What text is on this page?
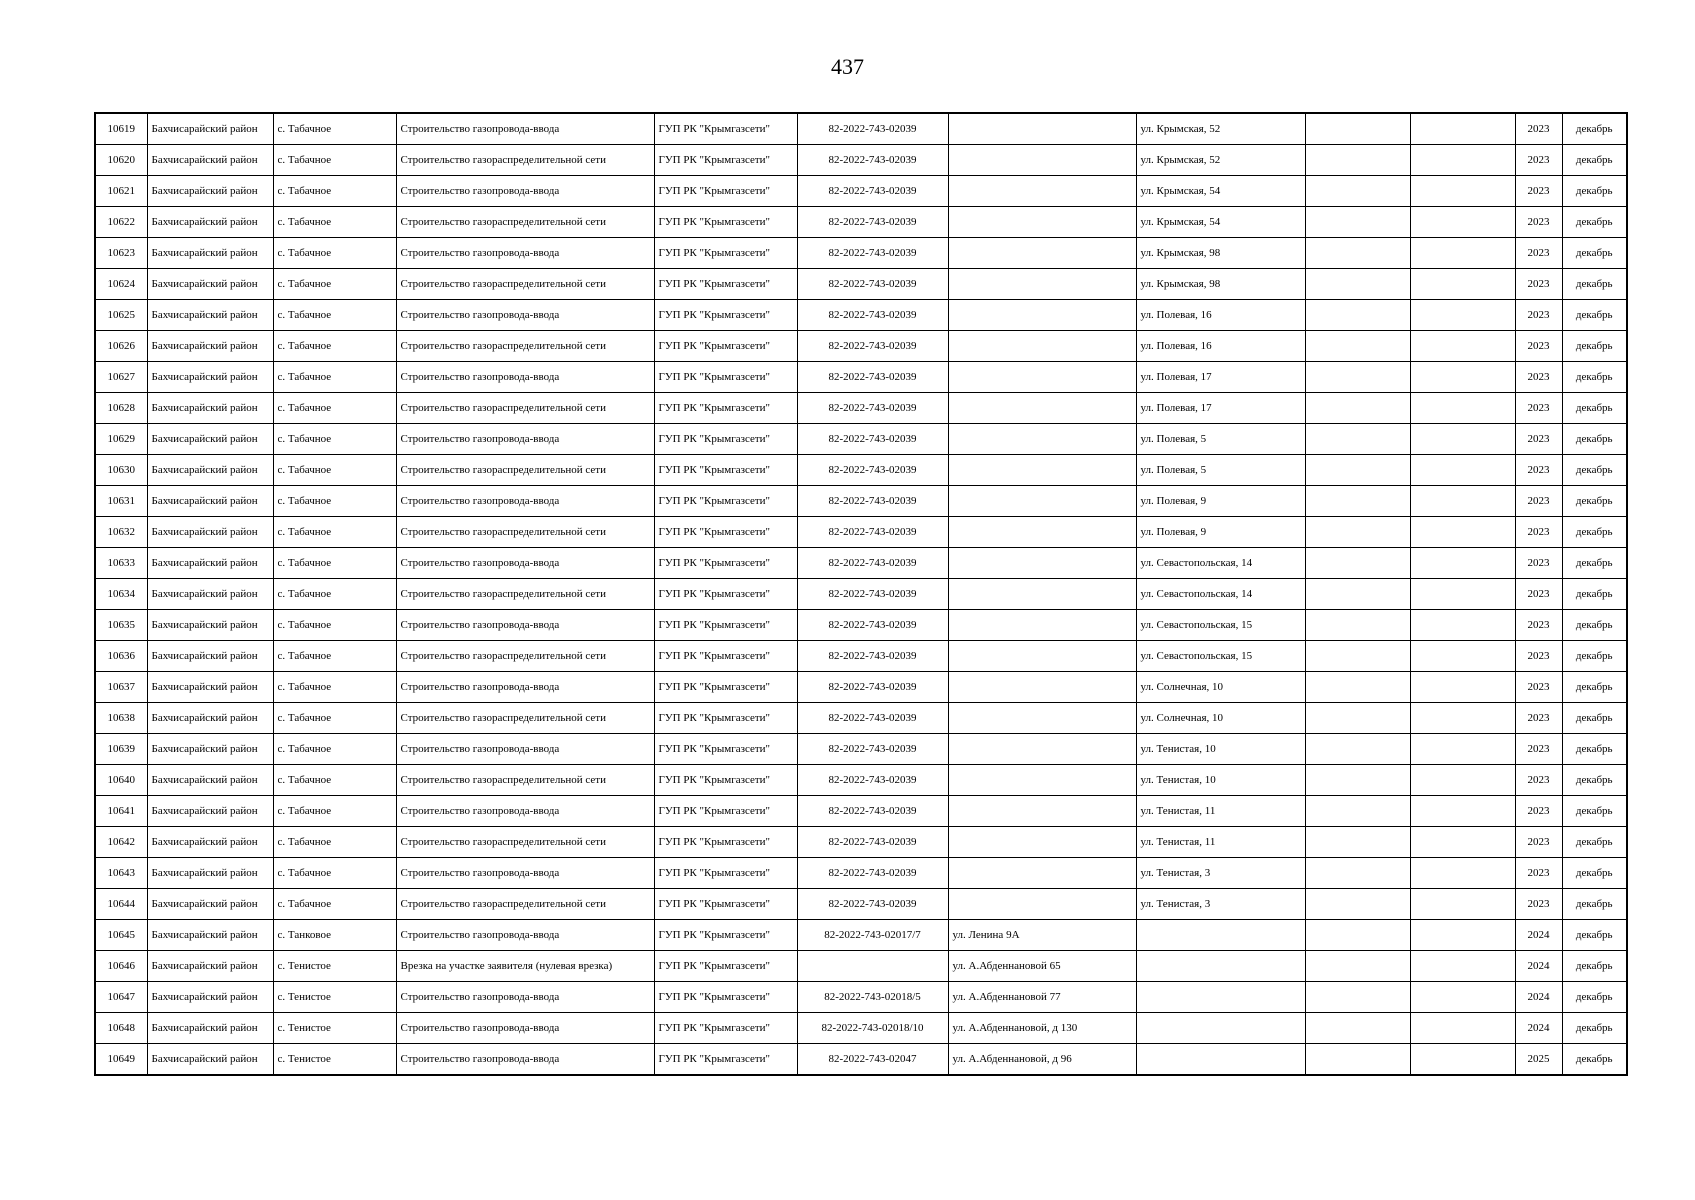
437
10619	Бахчисарайский район	с. Табачное	Строительство газопровода-ввода	ГУП РК "Крымгазсети"	82-2022-743-02039		ул. Крымская, 52			2023	декабрь
10620	Бахчисарайский район	с. Табачное	Строительство газораспределительной сети	ГУП РК "Крымгазсети"	82-2022-743-02039		ул. Крымская, 52			2023	декабрь
10621	Бахчисарайский район	с. Табачное	Строительство газопровода-ввода	ГУП РК "Крымгазсети"	82-2022-743-02039		ул. Крымская, 54			2023	декабрь
10622	Бахчисарайский район	с. Табачное	Строительство газораспределительной сети	ГУП РК "Крымгазсети"	82-2022-743-02039		ул. Крымская, 54			2023	декабрь
10623	Бахчисарайский район	с. Табачное	Строительство газопровода-ввода	ГУП РК "Крымгазсети"	82-2022-743-02039		ул. Крымская, 98			2023	декабрь
10624	Бахчисарайский район	с. Табачное	Строительство газораспределительной сети	ГУП РК "Крымгазсети"	82-2022-743-02039		ул. Крымская, 98			2023	декабрь
10625	Бахчисарайский район	с. Табачное	Строительство газопровода-ввода	ГУП РК "Крымгазсети"	82-2022-743-02039		ул. Полевая, 16			2023	декабрь
10626	Бахчисарайский район	с. Табачное	Строительство газораспределительной сети	ГУП РК "Крымгазсети"	82-2022-743-02039		ул. Полевая, 16			2023	декабрь
10627	Бахчисарайский район	с. Табачное	Строительство газопровода-ввода	ГУП РК "Крымгазсети"	82-2022-743-02039		ул. Полевая, 17			2023	декабрь
10628	Бахчисарайский район	с. Табачное	Строительство газораспределительной сети	ГУП РК "Крымгазсети"	82-2022-743-02039		ул. Полевая, 17			2023	декабрь
10629	Бахчисарайский район	с. Табачное	Строительство газопровода-ввода	ГУП РК "Крымгазсети"	82-2022-743-02039		ул. Полевая, 5			2023	декабрь
10630	Бахчисарайский район	с. Табачное	Строительство газораспределительной сети	ГУП РК "Крымгазсети"	82-2022-743-02039		ул. Полевая, 5			2023	декабрь
10631	Бахчисарайский район	с. Табачное	Строительство газопровода-ввода	ГУП РК "Крымгазсети"	82-2022-743-02039		ул. Полевая, 9			2023	декабрь
10632	Бахчисарайский район	с. Табачное	Строительство газораспределительной сети	ГУП РК "Крымгазсети"	82-2022-743-02039		ул. Полевая, 9			2023	декабрь
10633	Бахчисарайский район	с. Табачное	Строительство газопровода-ввода	ГУП РК "Крымгазсети"	82-2022-743-02039		ул. Севастопольская, 14			2023	декабрь
10634	Бахчисарайский район	с. Табачное	Строительство газораспределительной сети	ГУП РК "Крымгазсети"	82-2022-743-02039		ул. Севастопольская, 14			2023	декабрь
10635	Бахчисарайский район	с. Табачное	Строительство газопровода-ввода	ГУП РК "Крымгазсети"	82-2022-743-02039		ул. Севастопольская, 15			2023	декабрь
10636	Бахчисарайский район	с. Табачное	Строительство газораспределительной сети	ГУП РК "Крымгазсети"	82-2022-743-02039		ул. Севастопольская, 15			2023	декабрь
10637	Бахчисарайский район	с. Табачное	Строительство газопровода-ввода	ГУП РК "Крымгазсети"	82-2022-743-02039		ул. Солнечная, 10			2023	декабрь
10638	Бахчисарайский район	с. Табачное	Строительство газораспределительной сети	ГУП РК "Крымгазсети"	82-2022-743-02039		ул. Солнечная, 10			2023	декабрь
10639	Бахчисарайский район	с. Табачное	Строительство газопровода-ввода	ГУП РК "Крымгазсети"	82-2022-743-02039		ул. Тенистая, 10			2023	декабрь
10640	Бахчисарайский район	с. Табачное	Строительство газораспределительной сети	ГУП РК "Крымгазсети"	82-2022-743-02039		ул. Тенистая, 10			2023	декабрь
10641	Бахчисарайский район	с. Табачное	Строительство газопровода-ввода	ГУП РК "Крымгазсети"	82-2022-743-02039		ул. Тенистая, 11			2023	декабрь
10642	Бахчисарайский район	с. Табачное	Строительство газораспределительной сети	ГУП РК "Крымгазсети"	82-2022-743-02039		ул. Тенистая, 11			2023	декабрь
10643	Бахчисарайский район	с. Табачное	Строительство газопровода-ввода	ГУП РК "Крымгазсети"	82-2022-743-02039		ул. Тенистая, 3			2023	декабрь
10644	Бахчисарайский район	с. Табачное	Строительство газораспределительной сети	ГУП РК "Крымгазсети"	82-2022-743-02039		ул. Тенистая, 3			2023	декабрь
10645	Бахчисарайский район	с. Танковое	Строительство газопровода-ввода	ГУП РК "Крымгазсети"	82-2022-743-02017/7	ул. Ленина 9А				2024	декабрь
10646	Бахчисарайский район	с. Тенистое	Врезка на участке заявителя (нулевая врезка)	ГУП РК "Крымгазсети"		ул. А.Абденнановой 65				2024	декабрь
10647	Бахчисарайский район	с. Тенистое	Строительство газопровода-ввода	ГУП РК "Крымгазсети"	82-2022-743-02018/5	ул. А.Абденнановой 77				2024	декабрь
10648	Бахчисарайский район	с. Тенистое	Строительство газопровода-ввода	ГУП РК "Крымгазсети"	82-2022-743-02018/10	ул. А.Абденнановой, д 130				2024	декабрь
10649	Бахчисарайский район	с. Тенистое	Строительство газопровода-ввода	ГУП РК "Крымгазсети"	82-2022-743-02047	ул. А.Абденнановой, д 96				2025	декабрь
